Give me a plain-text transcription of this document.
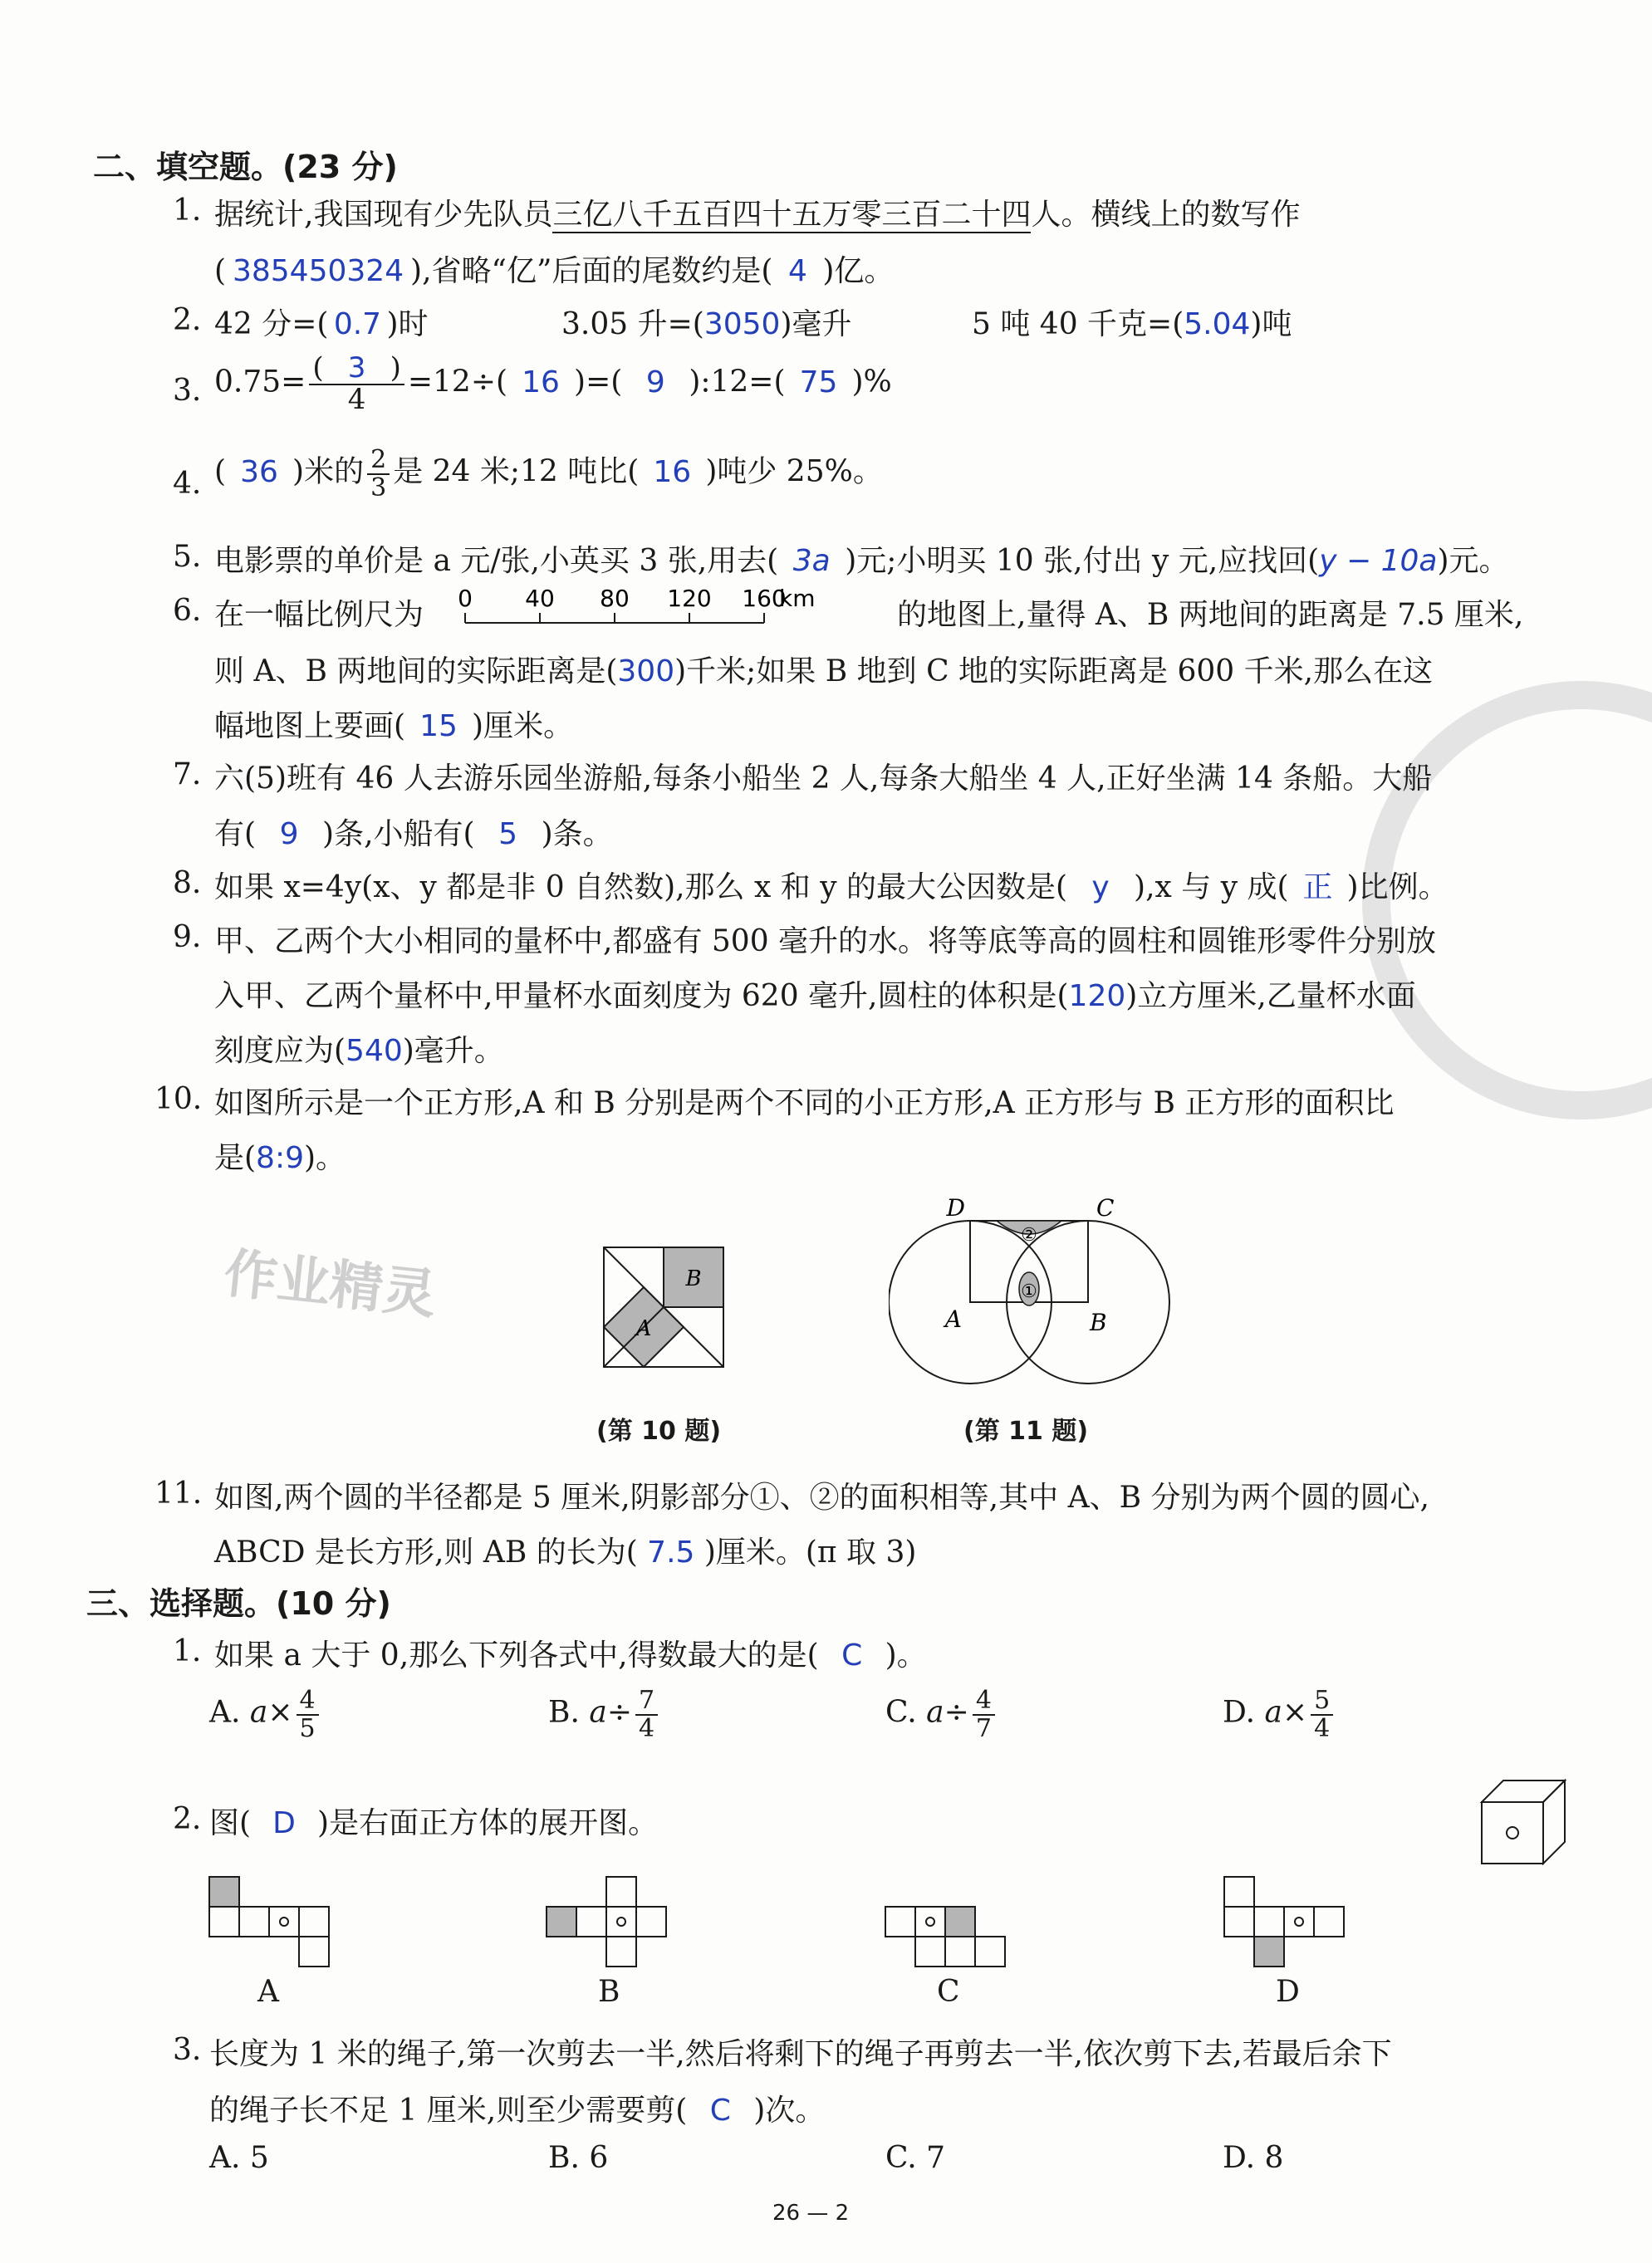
作业精灵
二、填空题。(23 分)
1. 据统计,我国现有少先队员三亿八千五百四十五万零三百二十四人。横线上的数写作
( 385450324 ),省略“亿”后面的尾数约是( 4 )亿。
2. 42 分=( 0.7 )时	3.05 升=(3050)毫升	5 吨 40 千克=(5.04)吨
3. $0.75= \frac{( 3 )}{4} =12\div$( 16 )=( 9 ):12=( 75 )%
4. ( 36 )米的 $\frac{2}{3}$ 是 24 米;12 吨比( 16 )吨少 25%。
5. 电影票的单价是 a 元/张,小英买 3 张,用去( 3a )元;小明买 10 张,付出 y 元,应找回(y − 10a)元。
6. 在一幅比例尺为 0 40 80 120 160
km	的地图上,量得 A、B 两地间的距离是 7.5 厘米,
则 A、B 两地间的实际距离是(300)千米;如果 B 地到 C 地的实际距离是 600 千米,那么在这
幅地图上要画( 15 )厘米。
7. 六(5)班有 46 人去游乐园坐游船,每条小船坐 2 人,每条大船坐 4 人,正好坐满 14 条船。大船
有( 9 )条,小船有( 5 )条。
8. 如果 x=4y(x、y 都是非 0 自然数),那么 x 和 y 的最大公因数是( y ),x 与 y 成( 正 )比例。
9. 甲、乙两个大小相同的量杯中,都盛有 500 毫升的水。将等底等高的圆柱和圆锥形零件分别放
入甲、乙两个量杯中,甲量杯水面刻度为 620 毫升,圆柱的体积是(120)立方厘米,乙量杯水面
刻度应为(540)毫升。
10. 如图所示是一个正方形,A 和 B 分别是两个不同的小正方形,A 正方形与 B 正方形的面积比
是(8:9)。
B
A
(第 10 题)
①
②
D	C
A	B
(第 11 题)
11. 如图,两个圆的半径都是 5 厘米,阴影部分①、②的面积相等,其中 A、B 分别为两个圆的圆心,
ABCD 是长方形,则 AB 的长为( 7.5 )厘米。(π 取 3)
三、选择题。(10 分)
1. 如果 a 大于 0,那么下列各式中,得数最大的是( C )。
A. $a\times \frac{4}{5}$	B. $a\div \frac{7}{4}$	C. $a\div \frac{4}{7}$	D. $a\times \frac{5}{4}$
2. 图( D )是右面正方体的展开图。
A	B	C	D
3. 长度为 1 米的绳子,第一次剪去一半,然后将剩下的绳子再剪去一半,依次剪下去,若最后余下
的绳子长不足 1 厘米,则至少需要剪( C )次。
A. 5	B. 6	C. 7	D. 8
26 — 2
